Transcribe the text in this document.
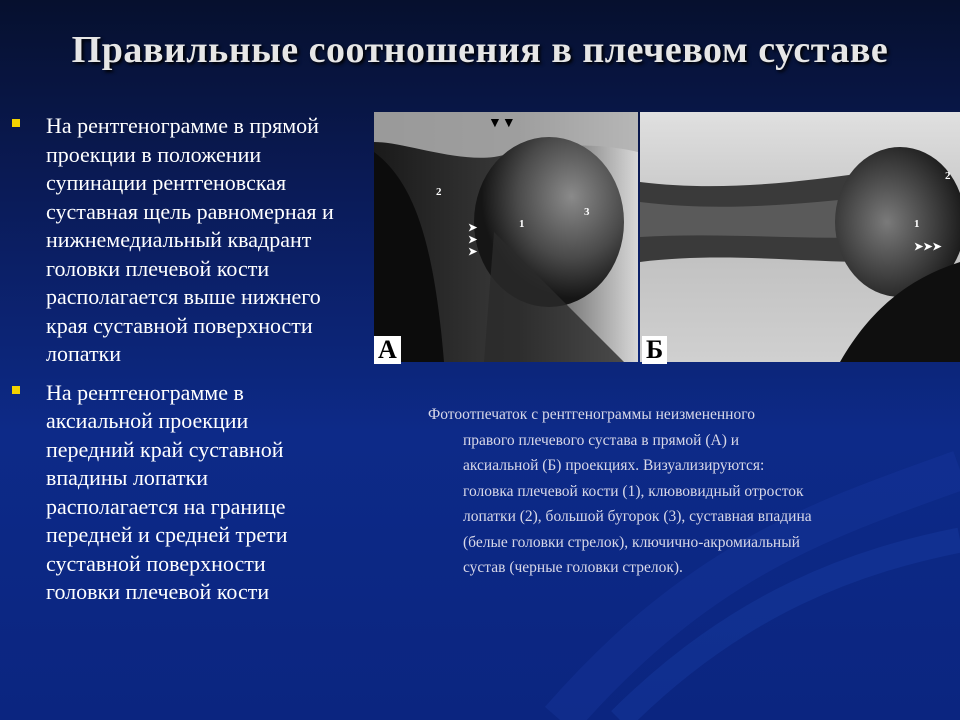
Правильные соотношения в плечевом суставе
На рентгенограмме в прямой
проекции в положении
супинации рентгеновская
суставная щель равномерная и
нижнемедиальный квадрант
головки плечевой кости
располагается выше нижнего
края суставной поверхности
лопатки
На рентгенограмме в
аксиальной проекции
передний край суставной
впадины лопатки
располагается на границе
передней и средней трети
суставной поверхности
головки плечевой кости
2
1
3
▼▼
➤
➤
➤
А
2
1
➤➤➤
Б
Фотоотпечаток с рентгенограммы неизмененного
правого плечевого сустава в прямой (А) и
аксиальной (Б) проекциях. Визуализируются:
головка плечевой кости (1), клювовидный отросток
лопатки (2), большой бугорок (3), суставная впадина
(белые головки стрелок), ключично-акромиальный
сустав (черные головки стрелок).
